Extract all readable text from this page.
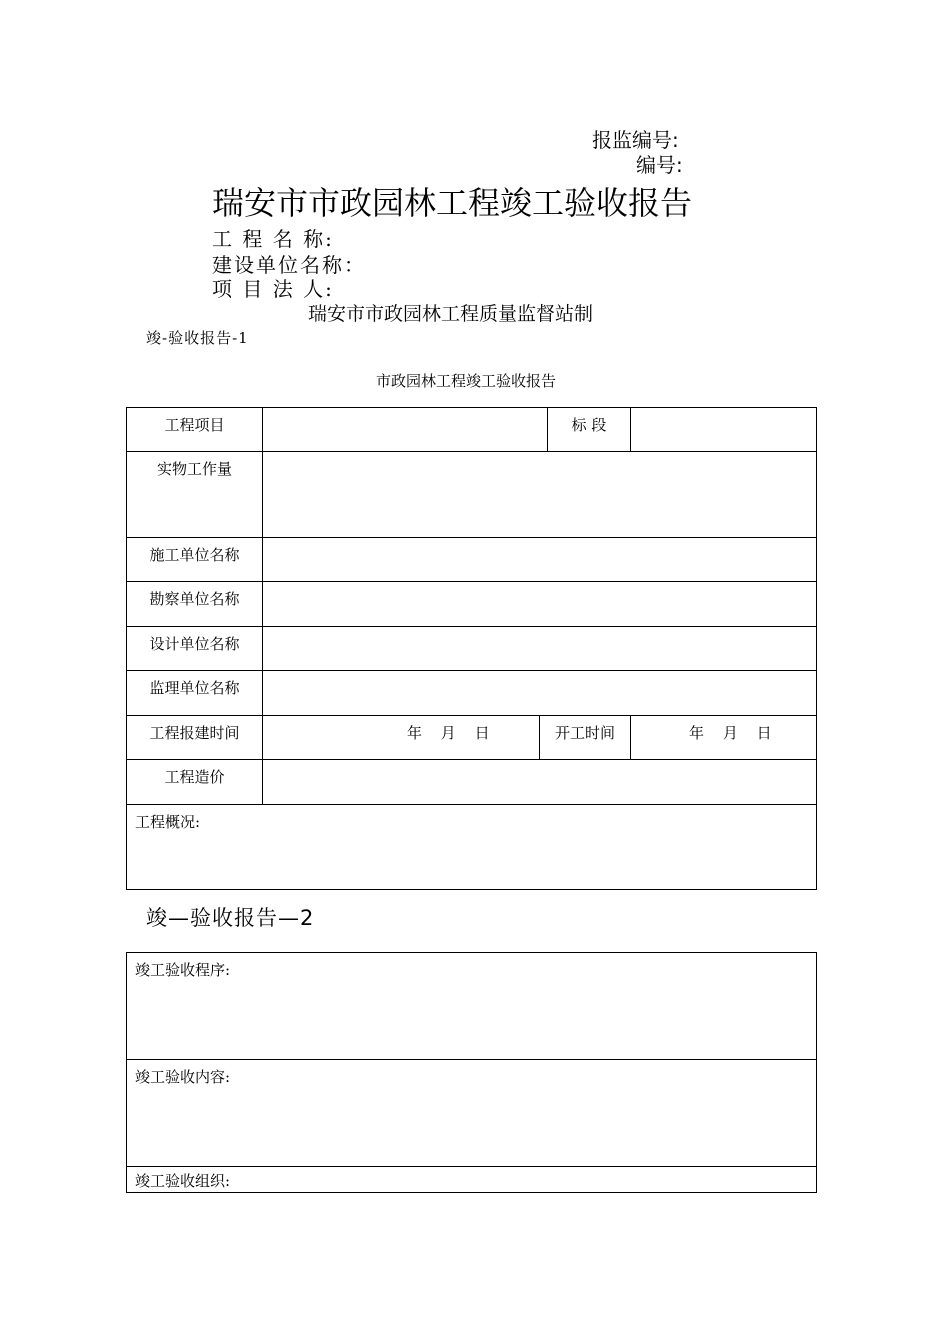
报监编号:
编号:
瑞安市市政园林工程竣工验收报告
工 程 名 称:
建设单位名称：
项 目 法 人:
瑞安市市政园林工程质量监督站制
竣-验收报告-1
市政园林工程竣工验收报告
工程项目			标 段	
实物工作量				
施工单位名称				
勘察单位名称				
设计单位名称				
监理单位名称				
工程报建时间	年 月 日	开工时间		年 月 日
工程造价				
工程概况:				
竣—验收报告—2
竣工验收程序:
竣工验收内容:
竣工验收组织:
